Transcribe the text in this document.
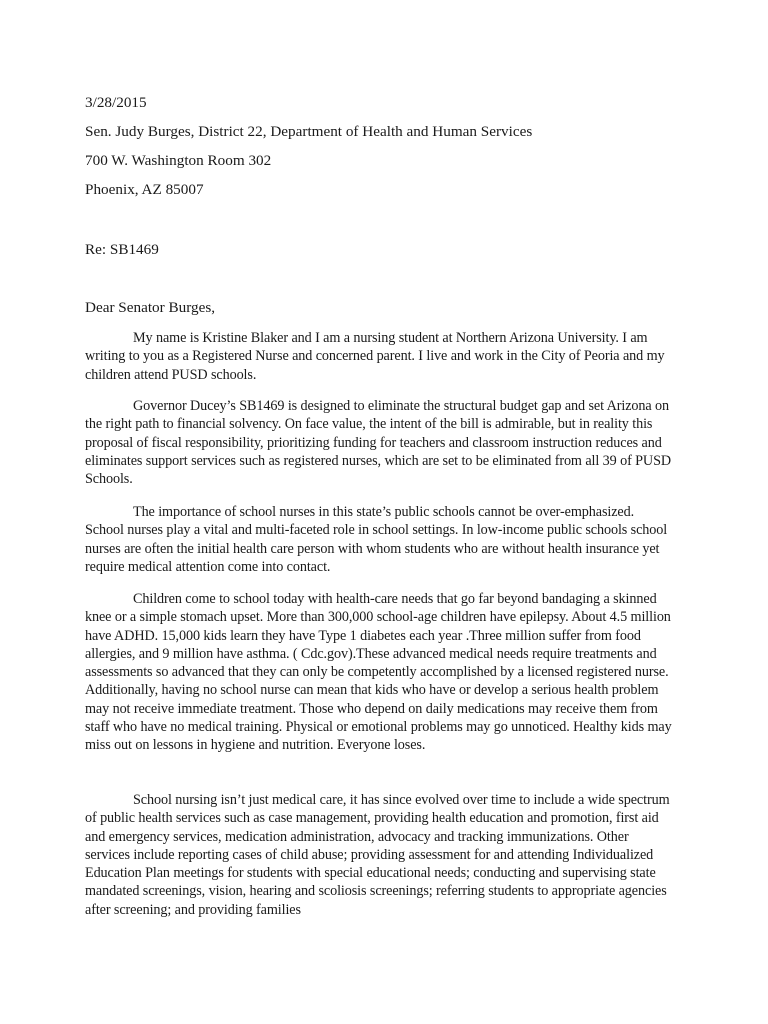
3/28/2015
Sen. Judy Burges, District 22, Department of Health and Human Services
700 W. Washington Room 302
Phoenix, AZ 85007
Re: SB1469
Dear Senator Burges,

My name is Kristine Blaker and I am a nursing student at Northern Arizona University. I am writing to you as a Registered Nurse and concerned parent. I live and work in the City of Peoria and my children attend PUSD schools.

Governor Ducey’s SB1469 is designed to eliminate the structural budget gap and set Arizona on the right path to financial solvency. On face value, the intent of the bill is admirable, but in reality this proposal of fiscal responsibility, prioritizing funding for teachers and classroom instruction reduces and eliminates support services such as registered nurses, which are set to be eliminated from all 39 of PUSD Schools.

The importance of school nurses in this state’s public schools cannot be over-emphasized. School nurses play a vital and multi-faceted role in school settings. In low-income public schools school nurses are often the initial health care person with whom students who are without health insurance yet require medical attention come into contact.

Children come to school today with health-care needs that go far beyond bandaging a skinned knee or a simple stomach upset. More than 300,000 school-age children have epilepsy. About 4.5 million have ADHD. 15,000 kids learn they have Type 1 diabetes each year .Three million suffer from food allergies, and 9 million have asthma. ( Cdc.gov).These advanced medical needs require treatments and assessments so advanced that they can only be competently accomplished by a licensed registered nurse. Additionally, having no school nurse can mean that kids who have or develop a serious health problem may not receive immediate treatment. Those who depend on daily medications may receive them from staff who have no medical training. Physical or emotional problems may go unnoticed. Healthy kids may miss out on lessons in hygiene and nutrition. Everyone loses.

School nursing isn’t just medical care, it has since evolved over time to include a wide spectrum of public health services such as case management, providing health education and promotion, first aid and emergency services, medication administration, advocacy and tracking immunizations. Other services include reporting cases of child abuse; providing assessment for and attending Individualized Education Plan meetings for students with special educational needs; conducting and supervising state mandated screenings, vision, hearing and scoliosis screenings; referring students to appropriate agencies after screening; and providing families
